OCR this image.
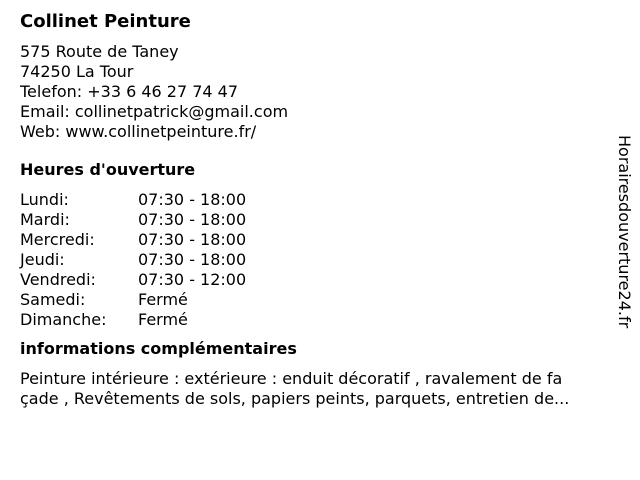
Collinet Peinture
575 Route de Taney
74250 La Tour
Telefon: +33 6 46 27 74 47
Email: collinetpatrick@gmail.com
Web: www.collinetpeinture.fr/
Heures d'ouverture
Lundi:	07:30 - 18:00
Mardi:	07:30 - 18:00
Mercredi:	07:30 - 18:00
Jeudi:	07:30 - 18:00
Vendredi:	07:30 - 12:00
Samedi:	Fermé
Dimanche:	Fermé
informations complémentaires
Peinture intérieure : extérieure : enduit décoratif , ravalement de fa
çade , Revêtements de sols, papiers peints, parquets, entretien de...
Horairesdouverture24.fr
